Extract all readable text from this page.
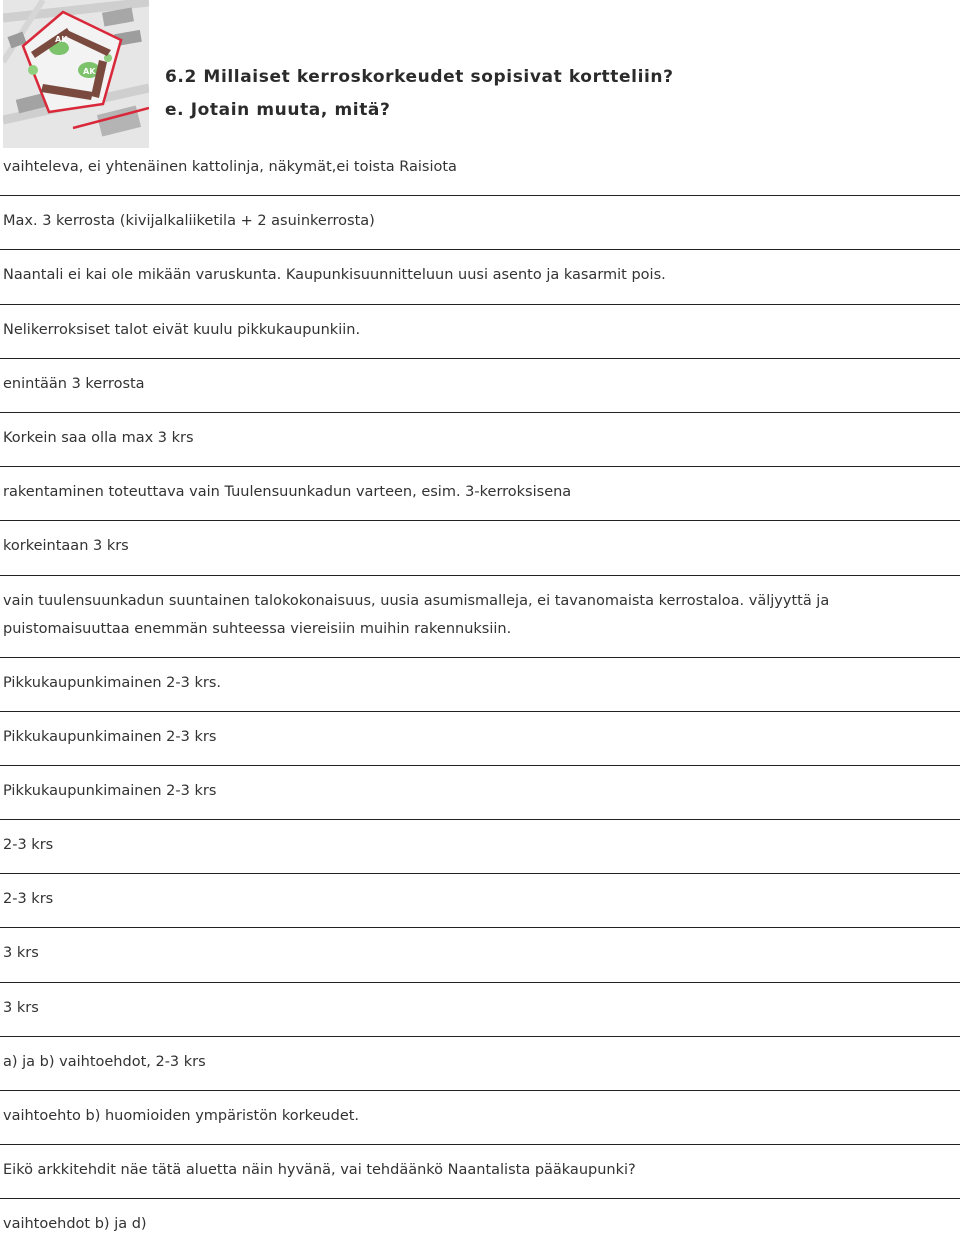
AK
AK	6.2 Millaiset kerroskorkeudet sopisivat kortteliin?
e. Jotain muuta, mitä?
vaihteleva, ei yhtenäinen kattolinja, näkymät,ei toista Raisiota
Max. 3 kerrosta (kivijalkaliiketila + 2 asuinkerrosta)
Naantali ei kai ole mikään varuskunta. Kaupunkisuunnitteluun uusi asento ja kasarmit pois.
Nelikerroksiset talot eivät kuulu pikkukaupunkiin.
enintään 3 kerrosta
Korkein saa olla max 3 krs
rakentaminen toteuttava vain Tuulensuunkadun varteen, esim. 3-kerroksisena
korkeintaan 3 krs
vain tuulensuunkadun suuntainen talokokonaisuus, uusia asumismalleja, ei tavanomaista kerrostaloa. väljyyttä ja
puistomaisuuttaa enemmän suhteessa viereisiin muihin rakennuksiin.
Pikkukaupunkimainen 2-3 krs.
Pikkukaupunkimainen 2-3 krs
Pikkukaupunkimainen 2-3 krs
2-3 krs
2-3 krs
3 krs
3 krs
a) ja b) vaihtoehdot, 2-3 krs
vaihtoehto b) huomioiden ympäristön korkeudet.
Eikö arkkitehdit näe tätä aluetta näin hyvänä, vai tehdäänkö Naantalista pääkaupunki?
vaihtoehdot b) ja d)
